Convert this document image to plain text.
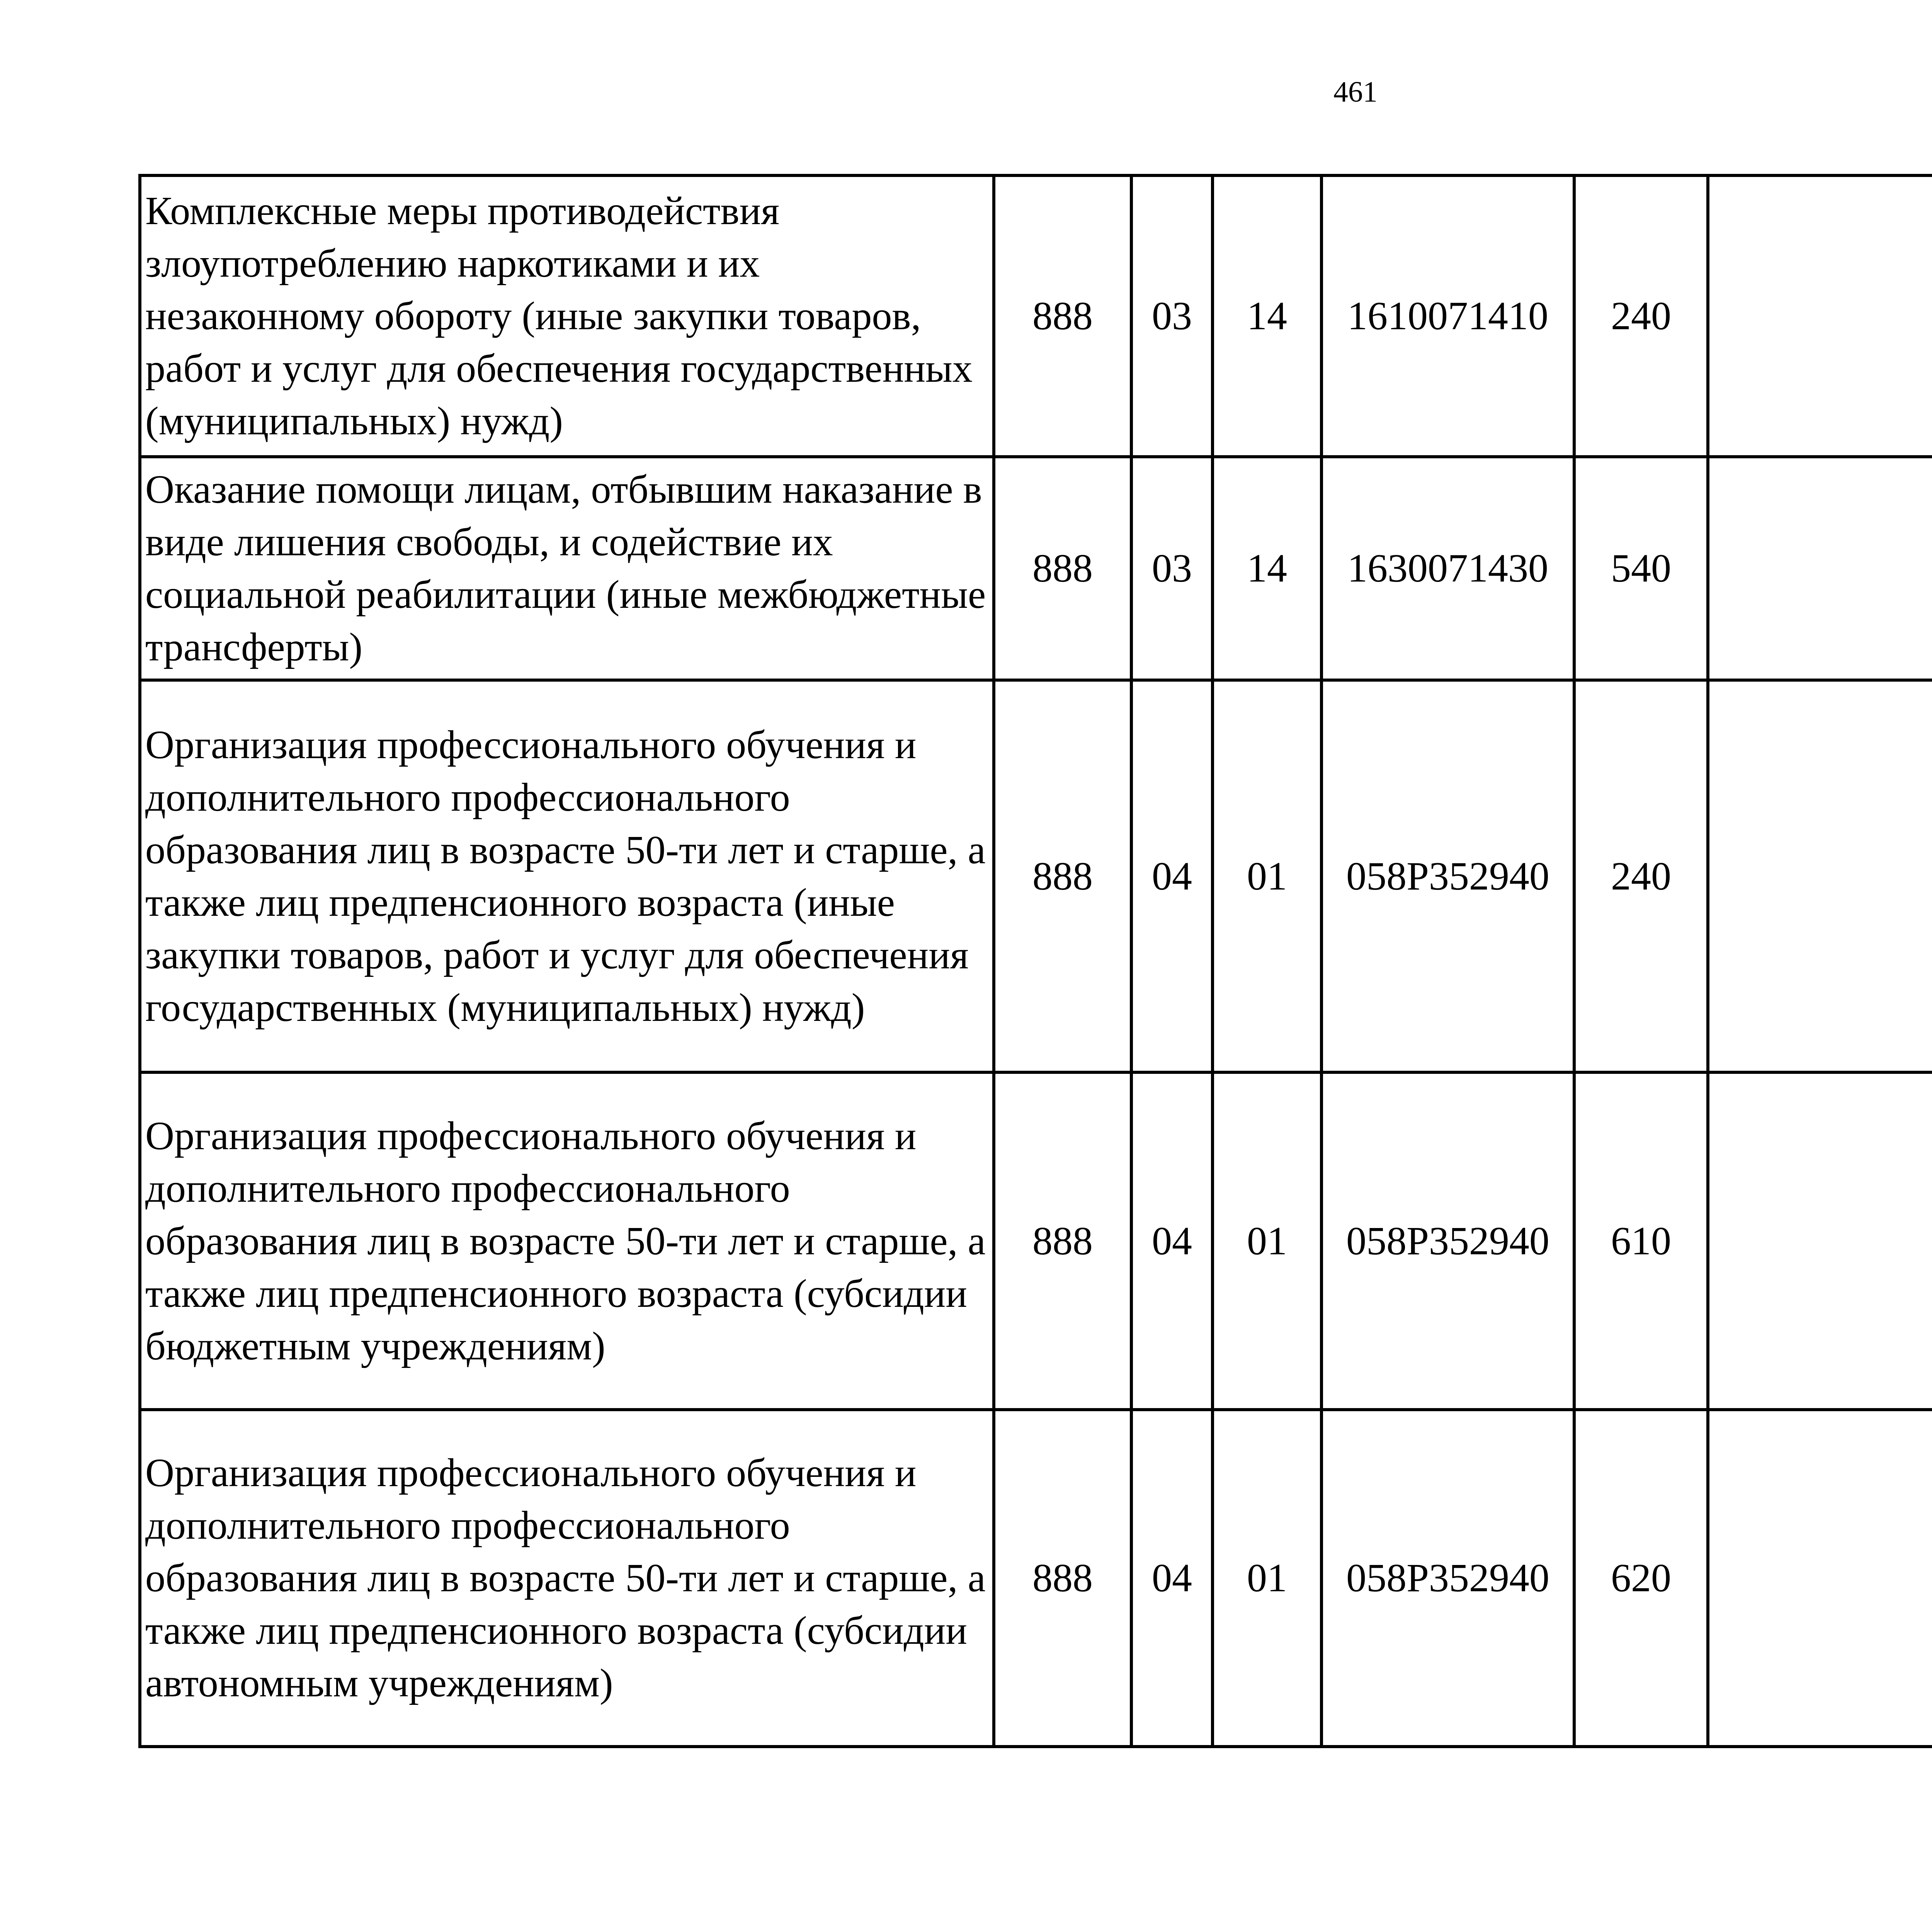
461
Комплексные меры противодействия злоупотреблению наркотиками и их незаконному обороту (иные закупки товаров, работ и услуг для обеспечения государственных (муниципальных) нужд)	888	03	14	1610071410	240			
Оказание помощи лицам, отбывшим наказание в виде лишения свободы, и содействие их социальной реабилитации (иные межбюджетные трансферты)	888	03	14	1630071430	540			
Организация профессионального обучения и дополнительного профессионального образования лиц в возрасте 50-ти лет и старше, а также лиц предпенсионного возраста (иные закупки товаров, работ и услуг для обеспечения государственных (муниципальных) нужд)	888	04	01	058P352940	240			
Организация профессионального обучения и дополнительного профессионального образования лиц в возрасте 50-ти лет и старше, а также лиц предпенсионного возраста (субсидии бюджетным учреждениям)	888	04	01	058P352940	610			
Организация профессионального обучения и дополнительного профессионального образования лиц в возрасте 50-ти лет и старше, а также лиц предпенсионного возраста (субсидии автономным учреждениям)	888	04	01	058P352940	620			
